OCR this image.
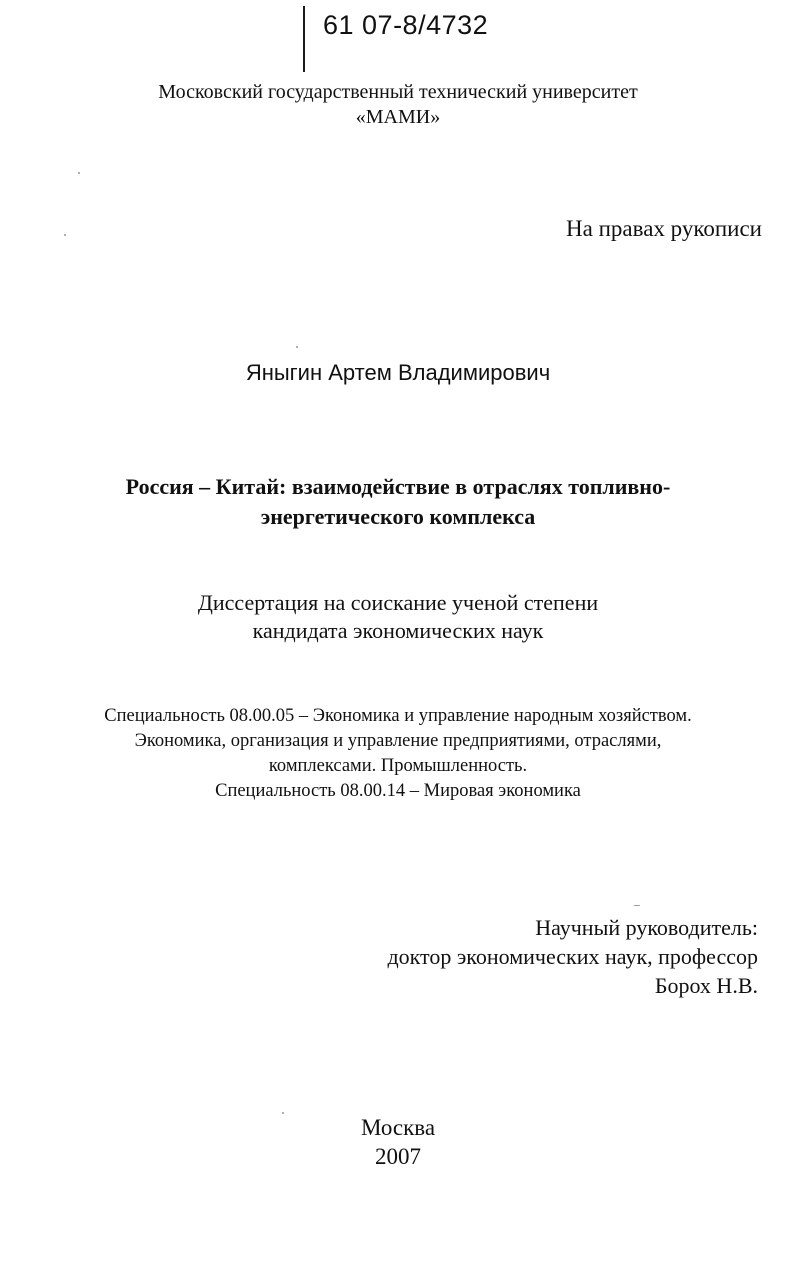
61 07-8/4732
Московский государственный технический университет
«МАМИ»
На правах рукописи
Яныгин Артем Владимирович
Россия – Китай: взаимодействие в отраслях топливно-
энергетического комплекса
Диссертация на соискание ученой степени
кандидата экономических наук
Специальность 08.00.05 – Экономика и управление народным хозяйством.
Экономика, организация и управление предприятиями, отраслями,
комплексами. Промышленность.
Специальность 08.00.14 – Мировая экономика
Научный руководитель:
доктор экономических наук, профессор
Борох Н.В.
Москва
2007
